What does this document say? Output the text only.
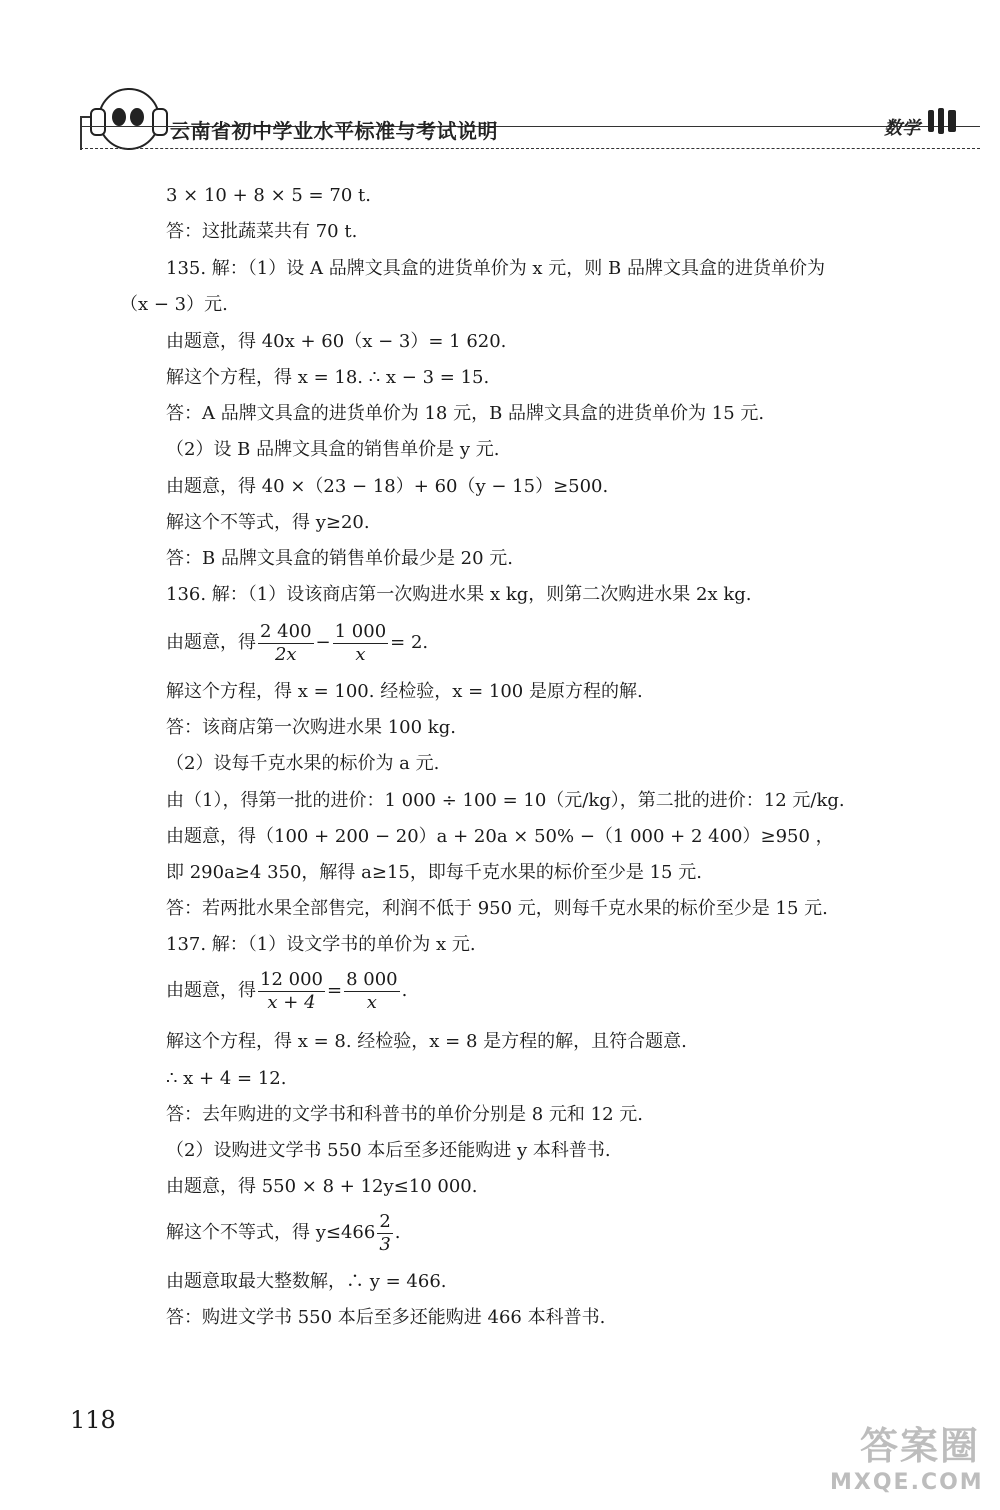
云南省初中学业水平标准与考试说明	数学
3 × 10 + 8 × 5 = 70 t.
答：这批蔬菜共有 70 t.
135. 解：（1）设 A 品牌文具盒的进货单价为 x 元，则 B 品牌文具盒的进货单价为
（x − 3）元.
由题意，得 40x + 60（x − 3）= 1 620.
解这个方程，得 x = 18. ∴ x − 3 = 15.
答：A 品牌文具盒的进货单价为 18 元，B 品牌文具盒的进货单价为 15 元.
（2）设 B 品牌文具盒的销售单价是 y 元.
由题意，得 40 ×（23 − 18）+ 60（y − 15）≥500.
解这个不等式，得 y≥20.
答：B 品牌文具盒的销售单价最少是 20 元.
136. 解：（1）设该商店第一次购进水果 x kg，则第二次购进水果 2x kg.
由题意，得 $\frac{2 400}{2x} - \frac{1 000}{x} = 2$.
解这个方程，得 x = 100. 经检验，x = 100 是原方程的解.
答：该商店第一次购进水果 100 kg.
（2）设每千克水果的标价为 a 元.
由（1），得第一批的进价：1 000 ÷ 100 = 10（元/kg），第二批的进价：12 元/kg.
由题意，得（100 + 200 − 20）a + 20a × 50% −（1 000 + 2 400）≥950 ，
即 290a≥4 350，解得 a≥15，即每千克水果的标价至少是 15 元.
答：若两批水果全部售完，利润不低于 950 元，则每千克水果的标价至少是 15 元.
137. 解：（1）设文学书的单价为 x 元.
由题意，得 $\frac{12 000}{x + 4} = \frac{8 000}{x}$ .
解这个方程，得 x = 8. 经检验，x = 8 是方程的解，且符合题意.
∴ x + 4 = 12.
答：去年购进的文学书和科普书的单价分别是 8 元和 12 元.
（2）设购进文学书 550 本后至多还能购进 y 本科普书.
由题意，得 550 × 8 + 12y≤10 000.
解这个不等式，得 $y\le 466 \frac{2}{3}$ .
由题意取最大整数解，∴ y = 466.
答：购进文学书 550 本后至多还能购进 466 本科普书.
118
答案圈
MXQE.COM
